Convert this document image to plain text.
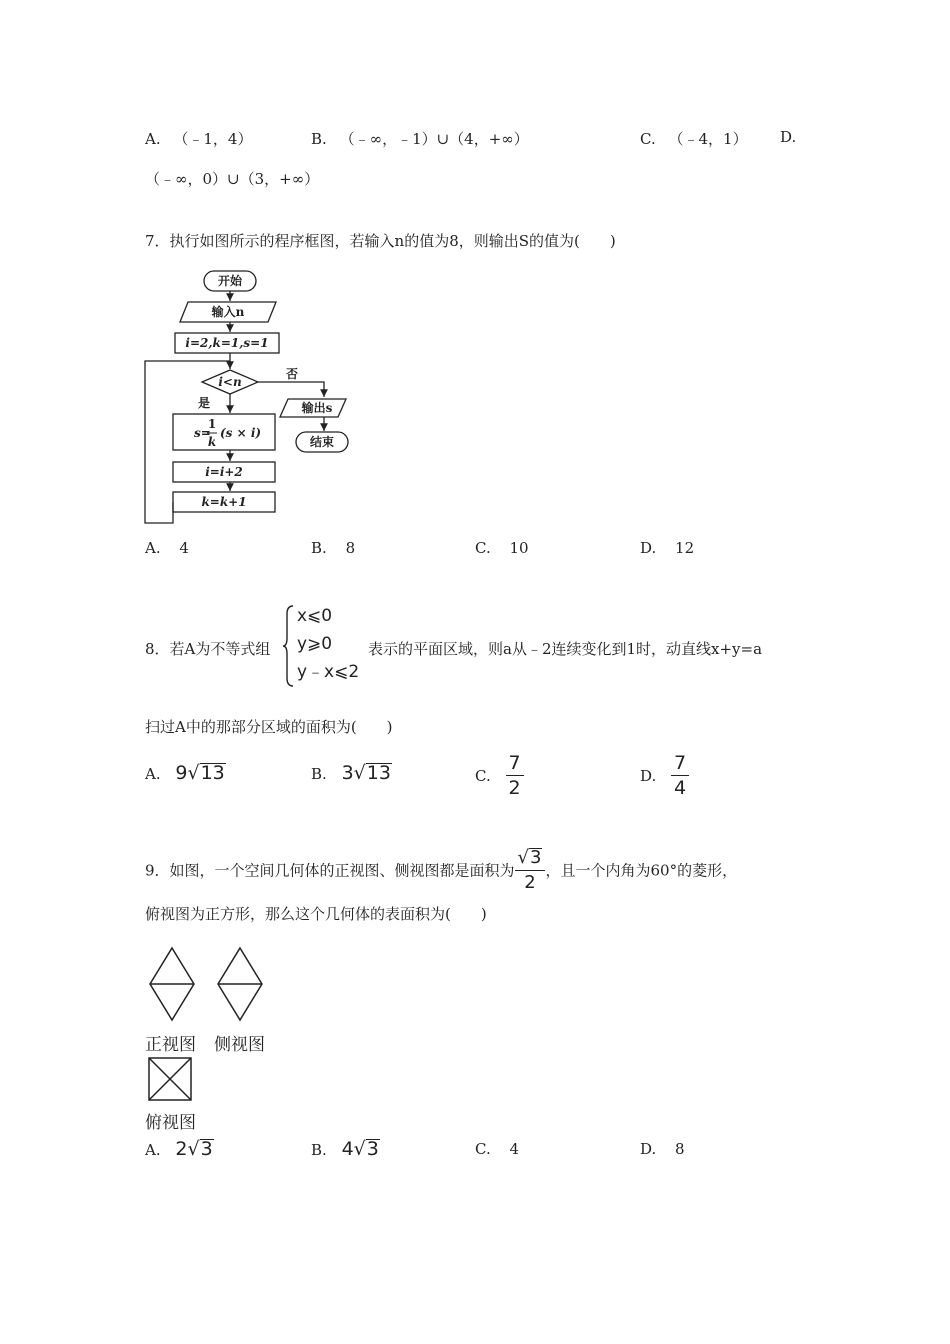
A. （﹣1，4）	B. （﹣∞，﹣1）∪（4，+∞）	C. （﹣4，1） D.
（﹣∞，0）∪（3，+∞）
7．执行如图所示的程序框图，若输入n的值为8，则输出S的值为(　　)
开始
输入n
i=2,k=1,s=1
i<n
否
是	输出s
结束
s=
1
k
(s × i)
i=i+2
k=k+1
A. 4	B. 8	C. 10	D. 12
8．若A为不等式组
x⩽0
y⩾0
y﹣x⩽2
表示的平面区域，则a从﹣2连续变化到1时，动直线x+y=a
扫过A中的那部分区域的面积为(　　)
A. 9√13	B. 3√13	C. $\frac{7}{2}$	D. $\frac{7}{4}$
9．如图，一个空间几何体的正视图、侧视图都是面积为 $\frac{√3}{2}$ ，且一个内角为60°的菱形，
俯视图为正方形，那么这个几何体的表面积为(　　)
正视图 侧视图
俯视图
A. 2√3	B. 4√3	C. 4	D. 8
